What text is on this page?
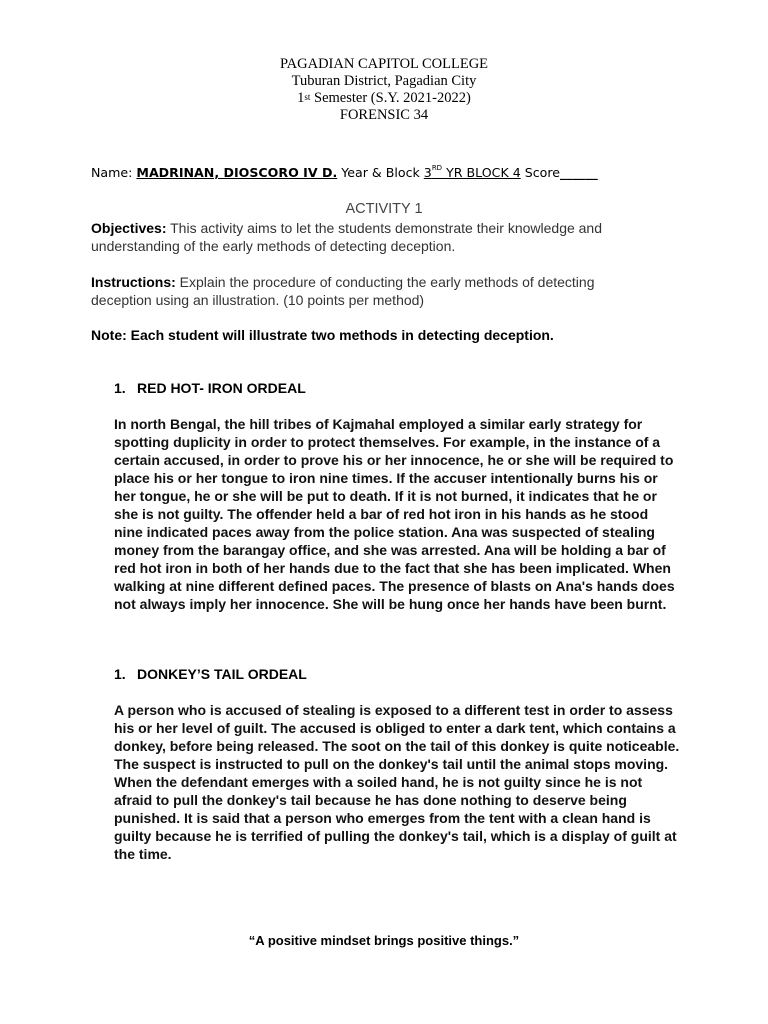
PAGADIAN CAPITOL COLLEGE
Tuburan District, Pagadian City
1st Semester (S.Y. 2021-2022)
FORENSIC 34
Name: MADRINAN, DIOSCORO IV D. Year & Block 3RD YR BLOCK 4 Score______
ACTIVITY 1
Objectives: This activity aims to let the students demonstrate their knowledge and understanding of the early methods of detecting deception.
Instructions: Explain the procedure of conducting the early methods of detecting deception using an illustration. (10 points per method)
Note: Each student will illustrate two methods in detecting deception.
1. RED HOT- IRON ORDEAL
In north Bengal, the hill tribes of Kajmahal employed a similar early strategy for spotting duplicity in order to protect themselves. For example, in the instance of a certain accused, in order to prove his or her innocence, he or she will be required to place his or her tongue to iron nine times. If the accuser intentionally burns his or her tongue, he or she will be put to death. If it is not burned, it indicates that he or she is not guilty. The offender held a bar of red hot iron in his hands as he stood nine indicated paces away from the police station. Ana was suspected of stealing money from the barangay office, and she was arrested. Ana will be holding a bar of red hot iron in both of her hands due to the fact that she has been implicated. When walking at nine different defined paces. The presence of blasts on Ana's hands does not always imply her innocence. She will be hung once her hands have been burnt.
1. DONKEY’S TAIL ORDEAL
A person who is accused of stealing is exposed to a different test in order to assess his or her level of guilt. The accused is obliged to enter a dark tent, which contains a donkey, before being released. The soot on the tail of this donkey is quite noticeable. The suspect is instructed to pull on the donkey's tail until the animal stops moving. When the defendant emerges with a soiled hand, he is not guilty since he is not afraid to pull the donkey's tail because he has done nothing to deserve being punished. It is said that a person who emerges from the tent with a clean hand is guilty because he is terrified of pulling the donkey's tail, which is a display of guilt at the time.
“A positive mindset brings positive things.”
